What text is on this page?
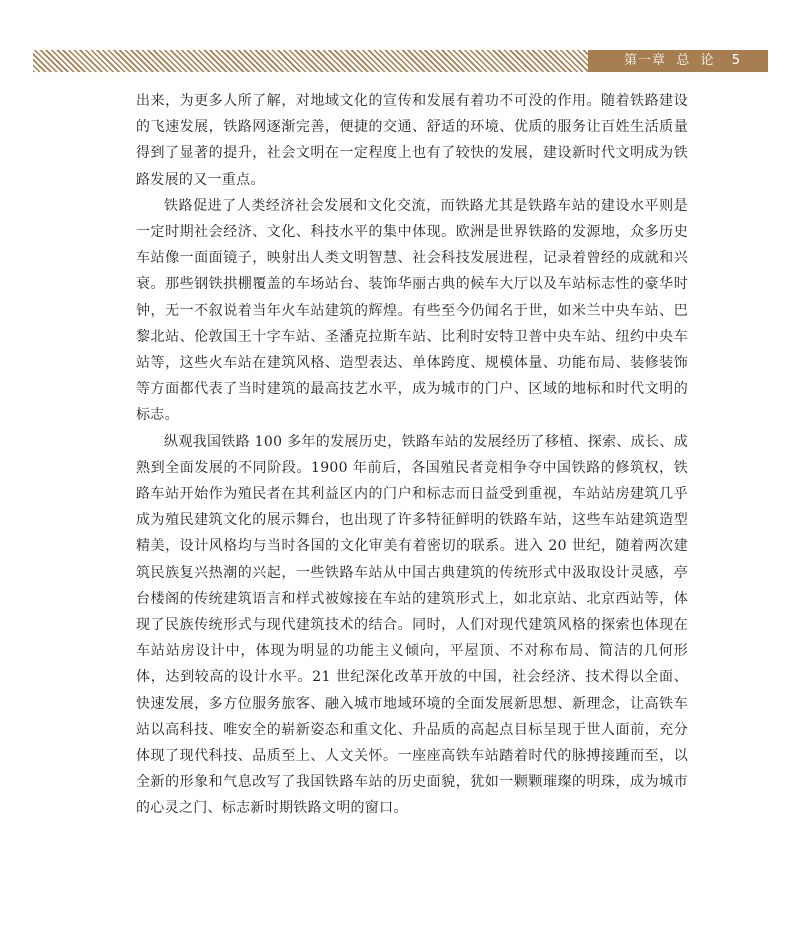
第一章  总  论 5

出来，为更多人所了解，对地域文化的宣传和发展有着功不可没的作用。随着铁路建设的飞速发展，铁路网逐渐完善，便捷的交通、舒适的环境、优质的服务让百姓生活质量得到了显著的提升，社会文明在一定程度上也有了较快的发展，建设新时代文明成为铁路发展的又一重点。

铁路促进了人类经济社会发展和文化交流，而铁路尤其是铁路车站的建设水平则是一定时期社会经济、文化、科技水平的集中体现。欧洲是世界铁路的发源地，众多历史车站像一面面镜子，映射出人类文明智慧、社会科技发展进程，记录着曾经的成就和兴衰。那些钢铁拱棚覆盖的车场站台、装饰华丽古典的候车大厅以及车站标志性的豪华时钟，无一不叙说着当年火车站建筑的辉煌。有些至今仍闻名于世，如米兰中央车站、巴黎北站、伦敦国王十字车站、圣潘克拉斯车站、比利时安特卫普中央车站、纽约中央车站等，这些火车站在建筑风格、造型表达、单体跨度、规模体量、功能布局、装修装饰等方面都代表了当时建筑的最高技艺水平，成为城市的门户、区域的地标和时代文明的标志。

纵观我国铁路 100 多年的发展历史，铁路车站的发展经历了移植、探索、成长、成熟到全面发展的不同阶段。1900 年前后，各国殖民者竞相争夺中国铁路的修筑权，铁路车站开始作为殖民者在其利益区内的门户和标志而日益受到重视，车站站房建筑几乎成为殖民建筑文化的展示舞台，也出现了许多特征鲜明的铁路车站，这些车站建筑造型精美，设计风格均与当时各国的文化审美有着密切的联系。进入 20 世纪，随着两次建筑民族复兴热潮的兴起，一些铁路车站从中国古典建筑的传统形式中汲取设计灵感，亭台楼阁的传统建筑语言和样式被嫁接在车站的建筑形式上，如北京站、北京西站等，体现了民族传统形式与现代建筑技术的结合。同时，人们对现代建筑风格的探索也体现在车站站房设计中，体现为明显的功能主义倾向，平屋顶、不对称布局、简洁的几何形体，达到较高的设计水平。21 世纪深化改革开放的中国，社会经济、技术得以全面、快速发展，多方位服务旅客、融入城市地域环境的全面发展新思想、新理念，让高铁车站以高科技、唯安全的崭新姿态和重文化、升品质的高起点目标呈现于世人面前，充分体现了现代科技、品质至上、人文关怀。一座座高铁车站踏着时代的脉搏接踵而至，以全新的形象和气息改写了我国铁路车站的历史面貌，犹如一颗颗璀璨的明珠，成为城市的心灵之门、标志新时期铁路文明的窗口。
